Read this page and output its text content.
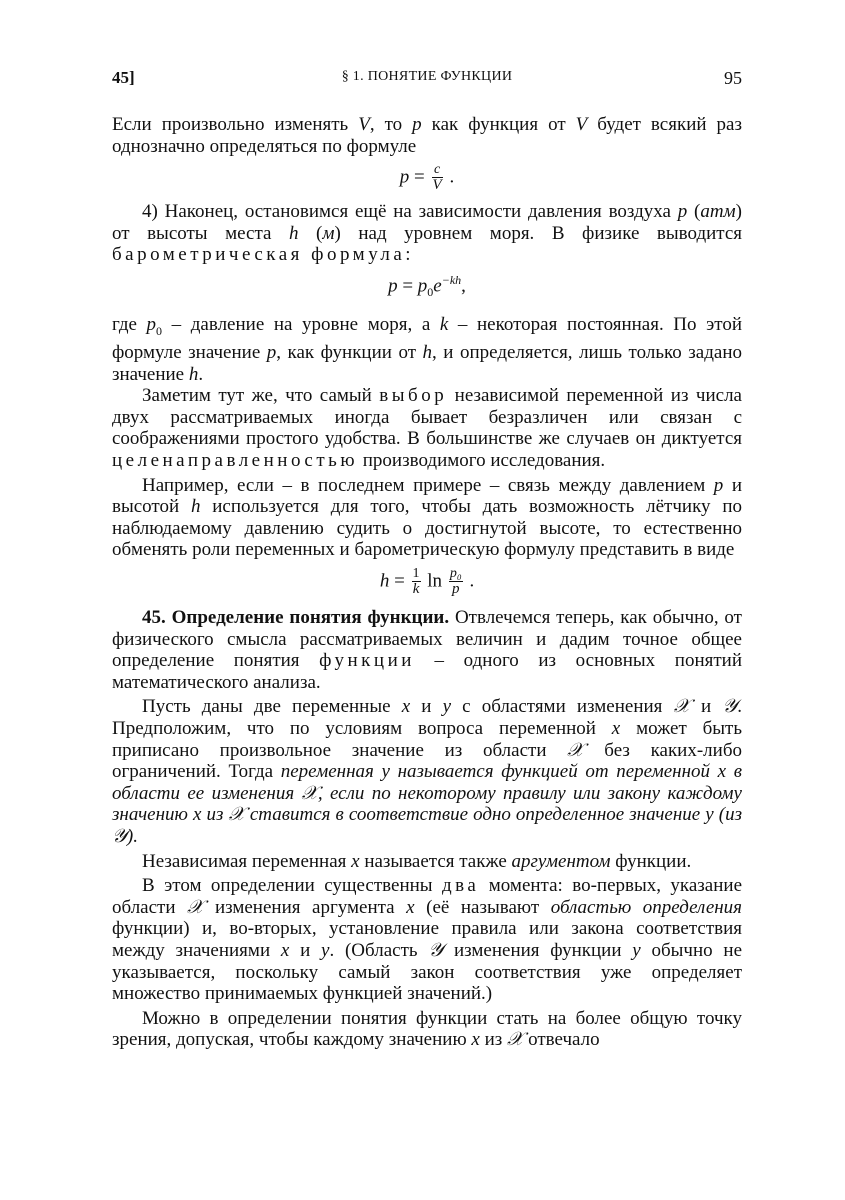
45]	§ 1. ПОНЯТИЕ ФУНКЦИИ	95

Если произвольно изменять V, то p как функция от V будет всякий раз однозначно определяться по формуле

$p = \frac{c}{V}$ .

4) Наконец, остановимся ещё на зависимости давления воздуха p (атм) от высоты места h (м) над уровнем моря. В физике выводится барометрическая формула:

$p = p_0e^{-kh}$,

где $p_0$ – давление на уровне моря, а k – некоторая постоянная. По этой формуле значение p, как функции от h, и определяется, лишь только задано значение h.

Заметим тут же, что самый выбор независимой переменной из числа двух рассматриваемых иногда бывает безразличен или связан с соображениями простого удобства. В большинстве же случаев он диктуется целенаправленностью производимого исследования.

Например, если – в последнем примере – связь между давлением p и высотой h используется для того, чтобы дать возможность лётчику по наблюдаемому давлению судить о достигнутой высоте, то естественно обменять роли переменных и барометрическую формулу представить в виде

$h = \frac{1}{k}$ $\ln \frac{\text{p₀}}{p}$ .

45. Определение понятия функции. Отвлечемся теперь, как обычно, от физического смысла рассматриваемых величин и дадим точное общее определение понятия функции – одного из основных понятий математического анализа.

Пусть даны две переменные x и y с областями изменения 𝒳 и 𝒴. Предположим, что по условиям вопроса переменной x может быть приписано произвольное значение из области 𝒳 без каких-либо ограничений. Тогда переменная y называется функцией от переменной x в области ее изменения 𝒳, если по некоторому правилу или закону каждому значению x из 𝒳 ставится в соответствие одно определенное значение y (из 𝒴).

Независимая переменная x называется также аргументом функции.

В этом определении существенны два момента: во-первых, указание области 𝒳 изменения аргумента x (её называют областью определения функции) и, во-вторых, установление правила или закона соответствия между значениями x и y. (Область 𝒴 изменения функции y обычно не указывается, поскольку самый закон соответствия уже определяет множество принимаемых функцией значений.)

Можно в определении понятия функции стать на более общую точку зрения, допуская, чтобы каждому значению x из 𝒳 отвечало
